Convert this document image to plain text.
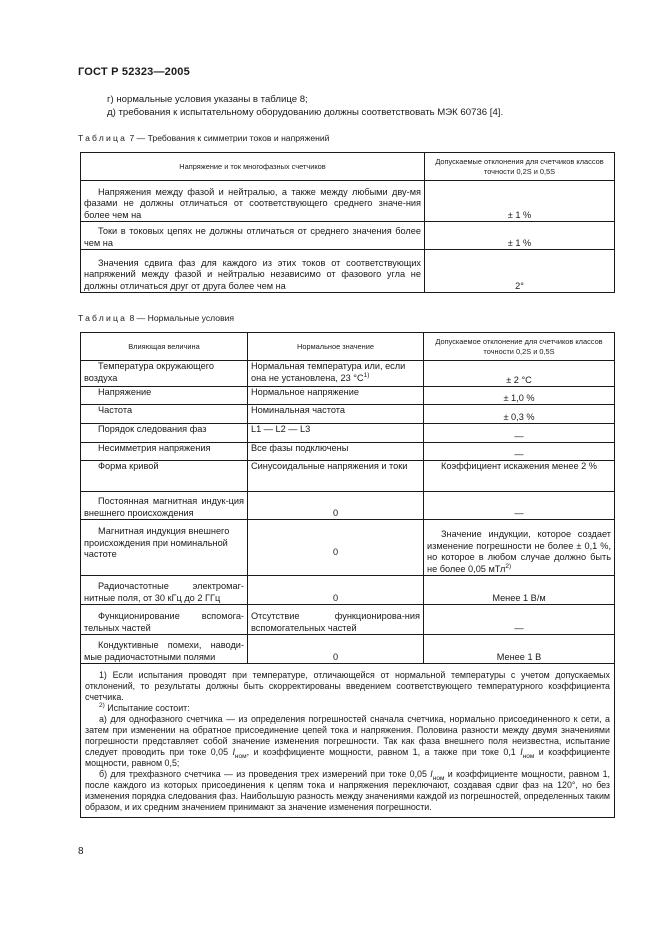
ГОСТ Р 52323—2005
г) нормальные условия указаны в таблице 8;
д) требования к испытательному оборудованию должны соответствовать МЭК 60736 [4].
Таблица 7 — Требования к симметрии токов и напряжений
Напряжение и ток многофазных счетчиков	Допускаемые отклонения для счетчиков классов точности 0,2S и 0,5S
Напряжения между фазой и нейтралью, а также между любыми дву-мя фазами не должны отличаться от соответствующего среднего значе-ния более чем на	± 1 %
Токи в токовых цепях не должны отличаться от среднего значения более чем на	± 1 %
Значения сдвига фаз для каждого из этих токов от соответствующих напряжений между фазой и нейтралью независимо от фазового угла не должны отличаться друг от друга более чем на	2°
Таблица 8 — Нормальные условия
Влияющая величина	Нормальное значение	Допускаемое отклонение для счетчиков классов точности 0,2S и 0,5S
Температура окружающего воздуха	Нормальная температура или, если она не установлена, 23 $^\circ C^{1)}$	± 2 °C
Напряжение	Нормальное напряжение	± 1,0 %
Частота	Номинальная частота	± 0,3 %
Порядок следования фаз	L1 — L2 — L3	—
Несимметрия напряжения	Все фазы подключены	—
Форма кривой	Синусоидальные напряжения и токи	Коэффициент искажения менее 2 %
Постоянная магнитная индук-ция внешнего происхождения	0	—
Магнитная индукция внешнего происхождения при номинальной частоте	0	Значение индукции, которое создает изменение погрешности не более ± 0,1 %, но которое в любом случае должно быть не более 0,05 мТл$^{2)}$
Радиочастотные электромаг-нитные поля, от 30 кГц до 2 ГГц	0	Менее 1 В/м
Функционирование вспомога-тельных частей	Отсутствие функционирова-ния вспомогательных частей	—
Кондуктивные помехи, наводи-мые радиочастотными полями	0	Менее 1 В

1) Если испытания проводят при температуре, отличающейся от нормальной температуры с учетом допускаемых отклонений, то результаты должны быть скорректированы введением соответствующего температурного коэффициента счетчика.

$^{2)}$ Испытание состоит:

а) для однофазного счетчика — из определения погрешностей сначала счетчика, нормально присоединенного к сети, а затем при изменении на обратное присоединение цепей тока и напряжения. Половина разности между двумя значениями погрешности представляет собой значение изменения погрешности. Так как фаза внешнего поля неизвестна, испытание следует проводить при токе 0,05 $I_{ном}$, и коэффициенте мощности, равном 1, а также при токе 0,1 $I_{ном}$ и коэффициенте мощности, равном 0,5;

б) для трехфазного счетчика — из проведения трех измерений при токе 0,05 $I_{ном}$ и коэффициенте мощности, равном 1, после каждого из которых присоединения к цепям тока и напряжения переключают, создавая сдвиг фаз на 120°, но без изменения порядка следования фаз. Наибольшую разность между значениями каждой из погрешностей, определенных таким образом, и их средним значением принимают за значение изменения погрешности.		

8
